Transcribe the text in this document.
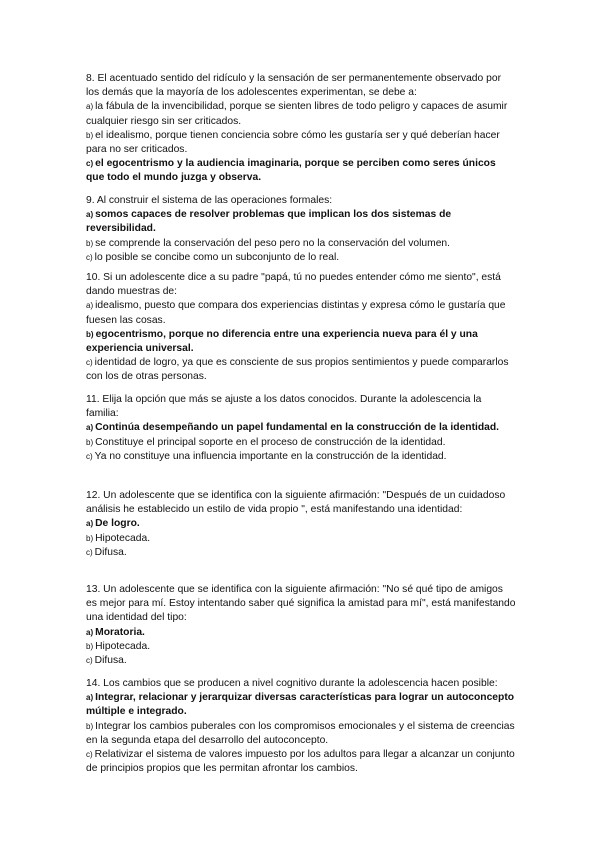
8. El acentuado sentido del ridículo y la sensación de ser permanentemente observado por los demás que la mayoría de los adolescentes experimentan, se debe a:

a) la fábula de la invencibilidad, porque se sienten libres de todo peligro y capaces de asumir cualquier riesgo sin ser criticados.

b) el idealismo, porque tienen conciencia sobre cómo les gustaría ser y qué deberían hacer para no ser criticados.

c) el egocentrismo y la audiencia imaginaria, porque se perciben como seres únicos que todo el mundo juzga y observa.

9. Al construir el sistema de las operaciones formales:

a) somos capaces de resolver problemas que implican los dos sistemas de reversibilidad.

b) se comprende la conservación del peso pero no la conservación del volumen.

c) lo posible se concibe como un subconjunto de lo real.

10. Si un adolescente dice a su padre "papá, tú no puedes entender cómo me siento", está dando muestras de:

a) idealismo, puesto que compara dos experiencias distintas y expresa cómo le gustaría que fuesen las cosas.

b) egocentrismo, porque no diferencia entre una experiencia nueva para él y una experiencia universal.

c) identidad de logro, ya que es consciente de sus propios sentimientos y puede compararlos con los de otras personas.

11. Elija la opción que más se ajuste a los datos conocidos. Durante la adolescencia la familia:

a) Continúa desempeñando un papel fundamental en la construcción de la identidad.

b) Constituye el principal soporte en el proceso de construcción de la identidad.

c) Ya no constituye una influencia importante en la construcción de la identidad.

12. Un adolescente que se identifica con la siguiente afirmación: "Después de un cuidadoso análisis he establecido un estilo de vida propio ", está manifestando una identidad:

a) De logro.

b) Hipotecada.

c) Difusa.

13. Un adolescente que se identifica con la siguiente afirmación: "No sé qué tipo de amigos es mejor para mí. Estoy intentando saber qué significa la amistad para mí", está manifestando una identidad del tipo:

a) Moratoria.

b) Hipotecada.

c) Difusa.

14. Los cambios que se producen a nivel cognitivo durante la adolescencia hacen posible:

a) Integrar, relacionar y jerarquizar diversas características para lograr un autoconcepto múltiple e integrado.

b) Integrar los cambios puberales con los compromisos emocionales y el sistema de creencias en la segunda etapa del desarrollo del autoconcepto.

c) Relativizar el sistema de valores impuesto por los adultos para llegar a alcanzar un conjunto de principios propios que les permitan afrontar los cambios.
